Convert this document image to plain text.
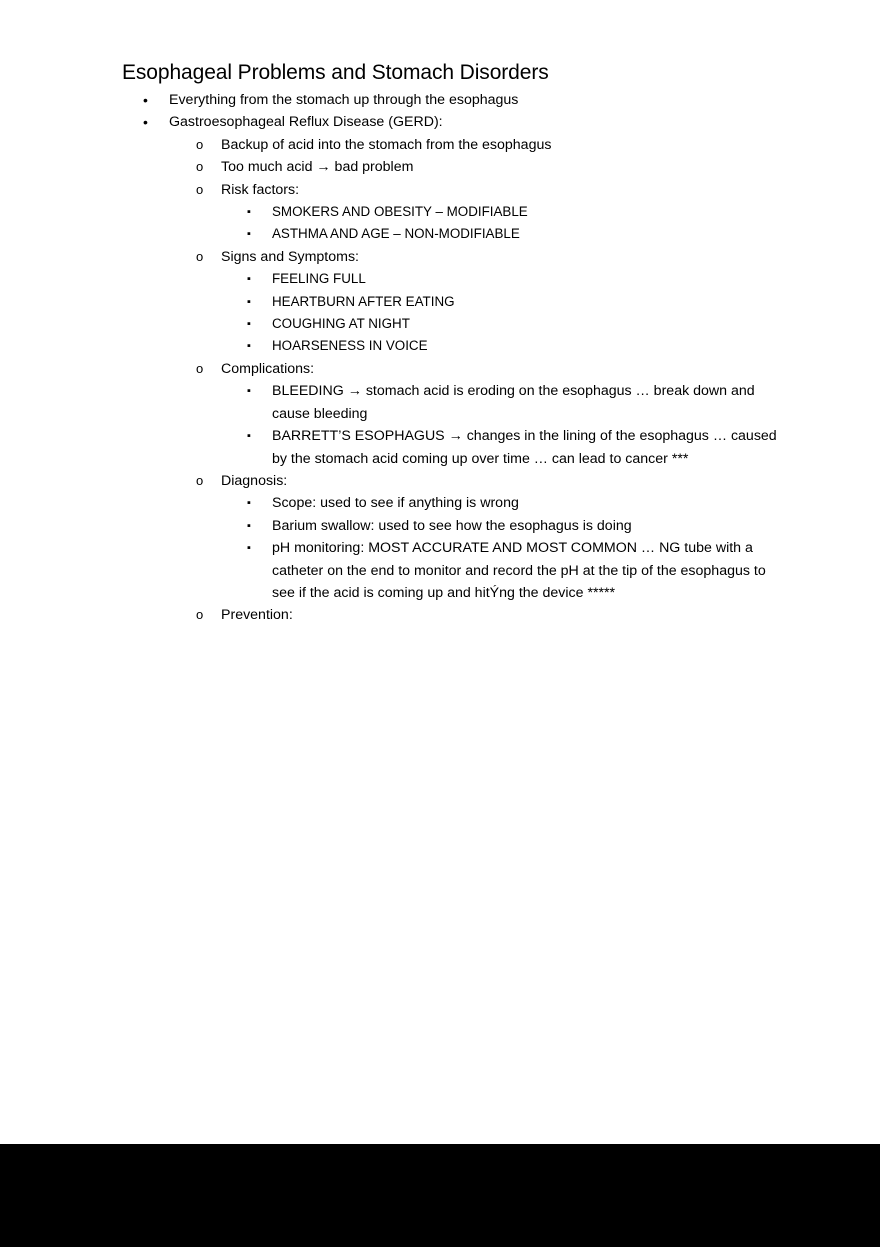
Esophageal Problems and Stomach Disorders
• Everything from the stomach up through the esophagus
• Gastroesophageal Reflux Disease (GERD):
o Backup of acid into the stomach from the esophagus
o Too much acid → bad problem
o Risk factors:
▪ SMOKERS AND OBESITY – MODIFIABLE
▪ ASTHMA AND AGE – NON-MODIFIABLE
o Signs and Symptoms:
▪ FEELING FULL
▪ HEARTBURN AFTER EATING
▪ COUGHING AT NIGHT
▪ HOARSENESS IN VOICE
o Complications:
▪ BLEEDING → stomach acid is eroding on the esophagus … break down and cause bleeding
▪ BARRETT’S ESOPHAGUS → changes in the lining of the esophagus … caused by the stomach acid coming up over time … can lead to cancer ***
o Diagnosis:
▪ Scope: used to see if anything is wrong
▪ Barium swallow: used to see how the esophagus is doing
▪ pH monitoring: MOST ACCURATE AND MOST COMMON … NG tube with a catheter on the end to monitor and record the pH at the tip of the esophagus to see if the acid is coming up and hitÝng the device *****
o Prevention:
